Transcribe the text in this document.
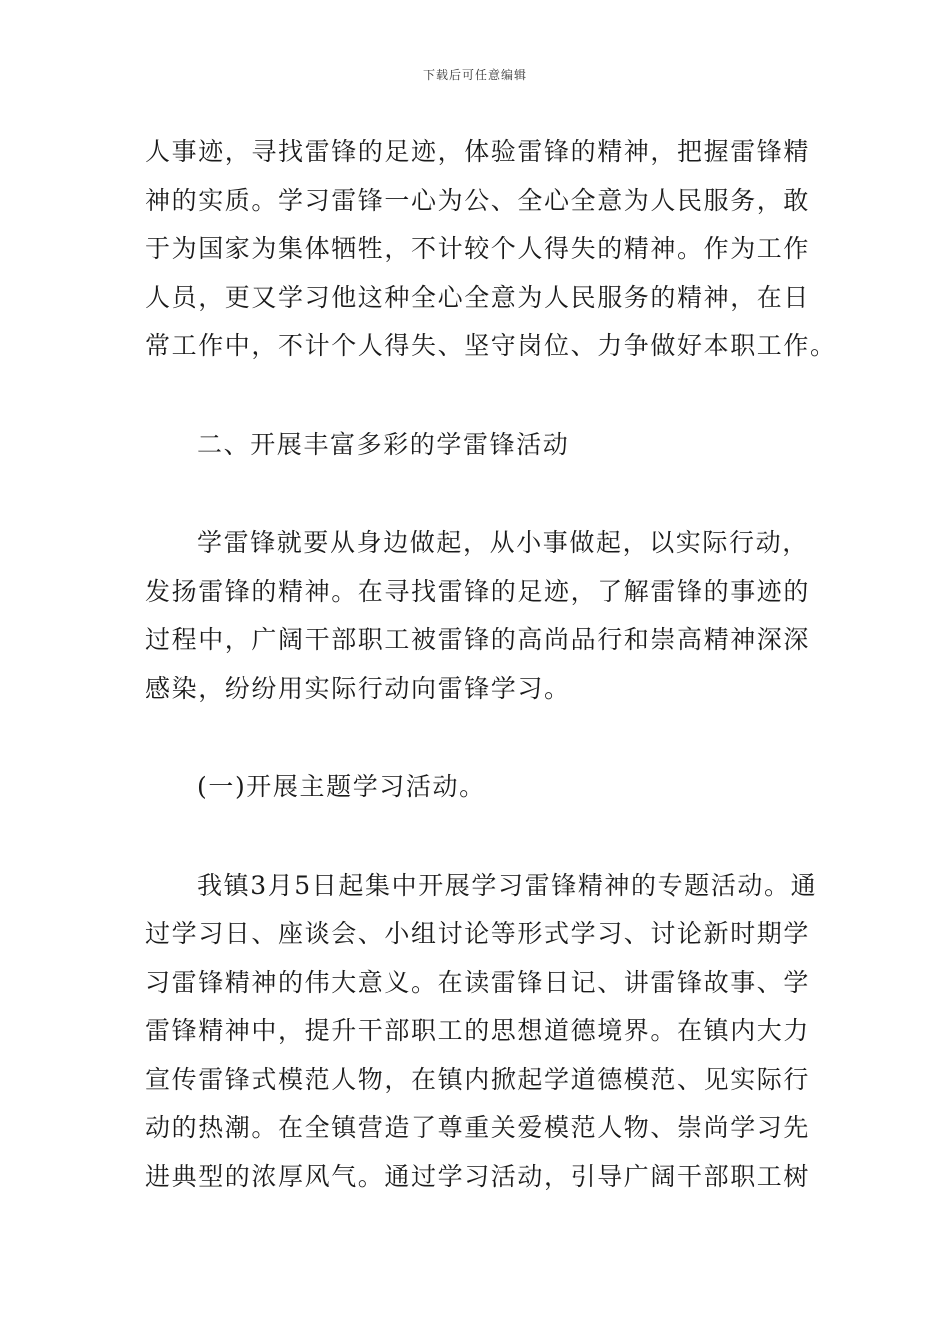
下载后可任意编辑
人事迹，寻找雷锋的足迹，体验雷锋的精神，把握雷锋精
神的实质。学习雷锋一心为公、全心全意为人民服务，敢
于为国家为集体牺牲，不计较个人得失的精神。作为工作
人员，更又学习他这种全心全意为人民服务的精神，在日
常工作中，不计个人得失、坚守岗位、力争做好本职工作。
二、开展丰富多彩的学雷锋活动
学雷锋就要从身边做起，从小事做起，以实际行动，
发扬雷锋的精神。在寻找雷锋的足迹，了解雷锋的事迹的
过程中，广阔干部职工被雷锋的高尚品行和崇高精神深深
感染，纷纷用实际行动向雷锋学习。
(一)开展主题学习活动。
我镇3月5日起集中开展学习雷锋精神的专题活动。通
过学习日、座谈会、小组讨论等形式学习、讨论新时期学
习雷锋精神的伟大意义。在读雷锋日记、讲雷锋故事、学
雷锋精神中，提升干部职工的思想道德境界。在镇内大力
宣传雷锋式模范人物，在镇内掀起学道德模范、见实际行
动的热潮。在全镇营造了尊重关爱模范人物、崇尚学习先
进典型的浓厚风气。通过学习活动，引导广阔干部职工树
